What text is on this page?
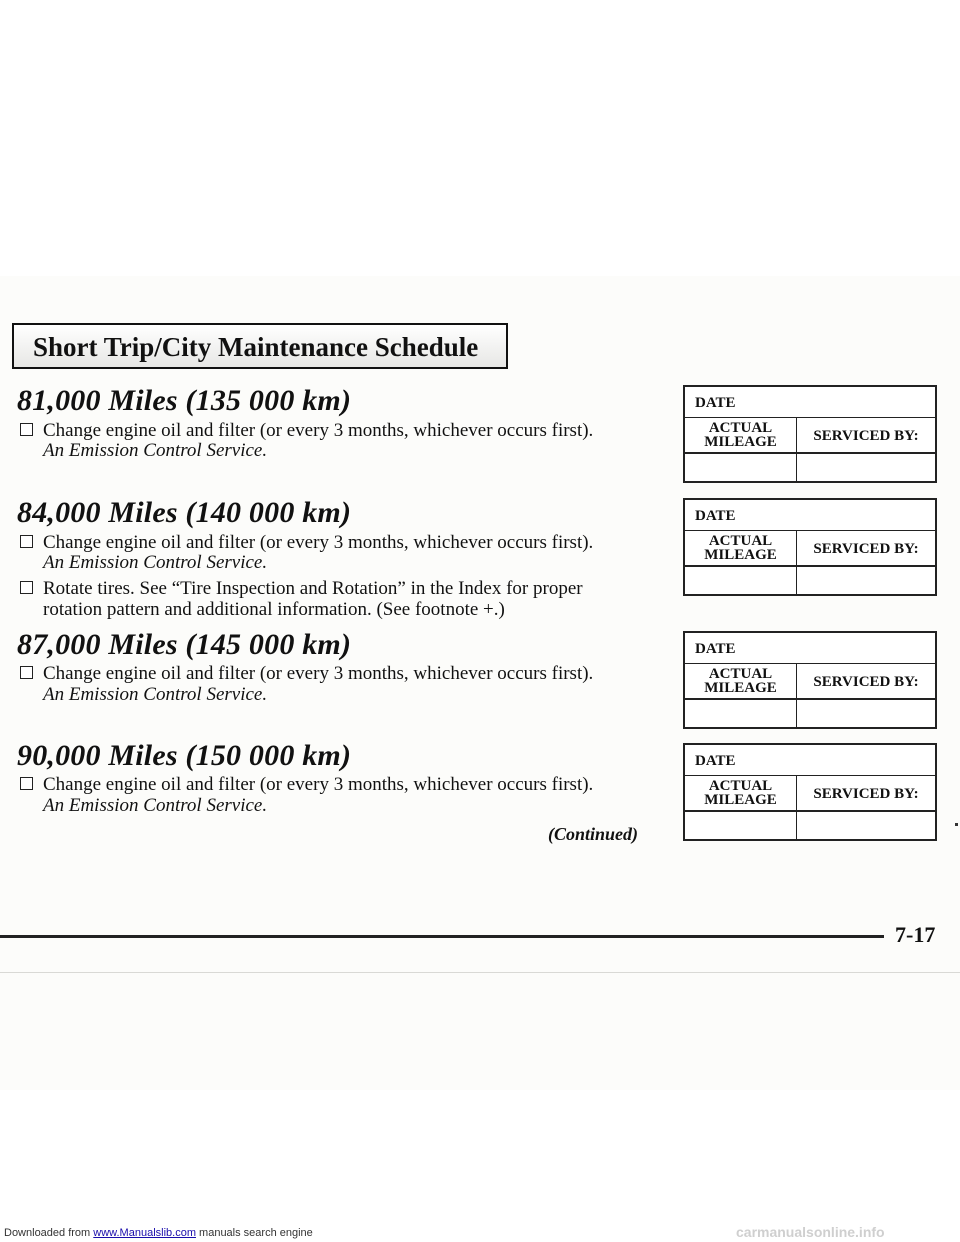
Short Trip/City Maintenance Schedule
81,000 Miles (135 000 km)
Change engine oil and filter (or every 3 months, whichever occurs first).
An Emission Control Service.
84,000 Miles (140 000 km)
Change engine oil and filter (or every 3 months, whichever occurs first).
An Emission Control Service.
Rotate tires. See “Tire Inspection and Rotation” in the Index for proper
rotation pattern and additional information. (See footnote +.)
87,000 Miles (145 000 km)
Change engine oil and filter (or every 3 months, whichever occurs first).
An Emission Control Service.
90,000 Miles (150 000 km)
Change engine oil and filter (or every 3 months, whichever occurs first).
An Emission Control Service.
(Continued)
DATE
ACTUAL
MILEAGE	SERVICED BY:
DATE
ACTUAL
MILEAGE	SERVICED BY:
DATE
ACTUAL
MILEAGE	SERVICED BY:
DATE
ACTUAL
MILEAGE	SERVICED BY:
7-17
Downloaded from www.Manualslib.com manuals search engine	carmanualsonline.info
